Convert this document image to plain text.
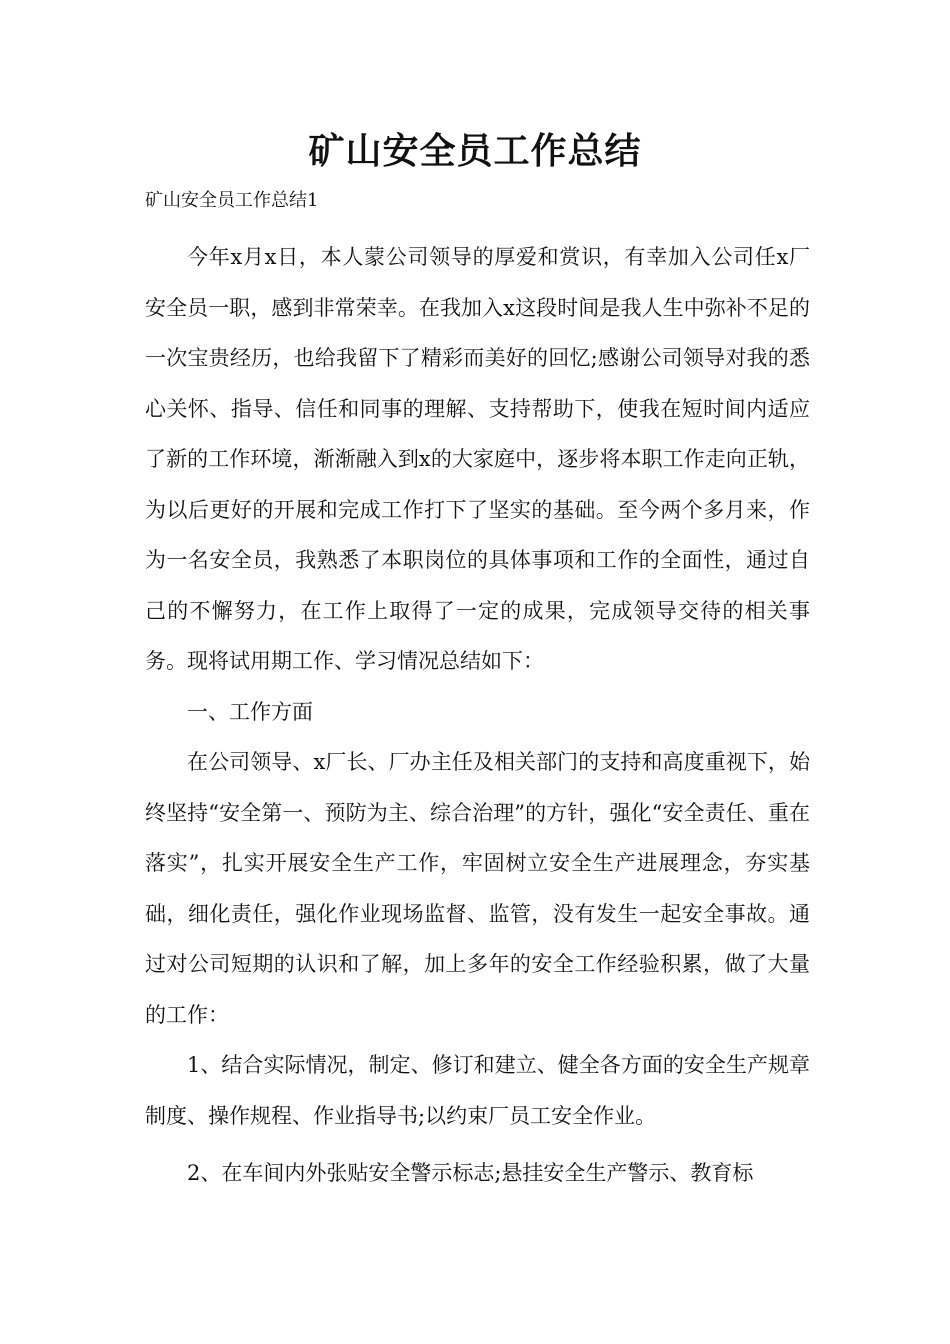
矿山安全员工作总结

矿山安全员工作总结1

今年x月x日，本人蒙公司领导的厚爱和赏识，有幸加入公司任x厂安全员一职，感到非常荣幸。在我加入x这段时间是我人生中弥补不足的一次宝贵经历，也给我留下了精彩而美好的回忆;感谢公司领导对我的悉心关怀、指导、信任和同事的理解、支持帮助下，使我在短时间内适应了新的工作环境，渐渐融入到x的大家庭中，逐步将本职工作走向正轨，为以后更好的开展和完成工作打下了坚实的基础。至今两个多月来，作为一名安全员，我熟悉了本职岗位的具体事项和工作的全面性，通过自己的不懈努力，在工作上取得了一定的成果，完成领导交待的相关事务。现将试用期工作、学习情况总结如下：

一、工作方面

在公司领导、x厂长、厂办主任及相关部门的支持和高度重视下，始终坚持“安全第一、预防为主、综合治理”的方针，强化“安全责任、重在落实”，扎实开展安全生产工作，牢固树立安全生产进展理念，夯实基础，细化责任，强化作业现场监督、监管，没有发生一起安全事故。通过对公司短期的认识和了解，加上多年的安全工作经验积累，做了大量的工作：

1、结合实际情况，制定、修订和建立、健全各方面的安全生产规章制度、操作规程、作业指导书;以约束厂员工安全作业。

2、在车间内外张贴安全警示标志;悬挂安全生产警示、教育标
